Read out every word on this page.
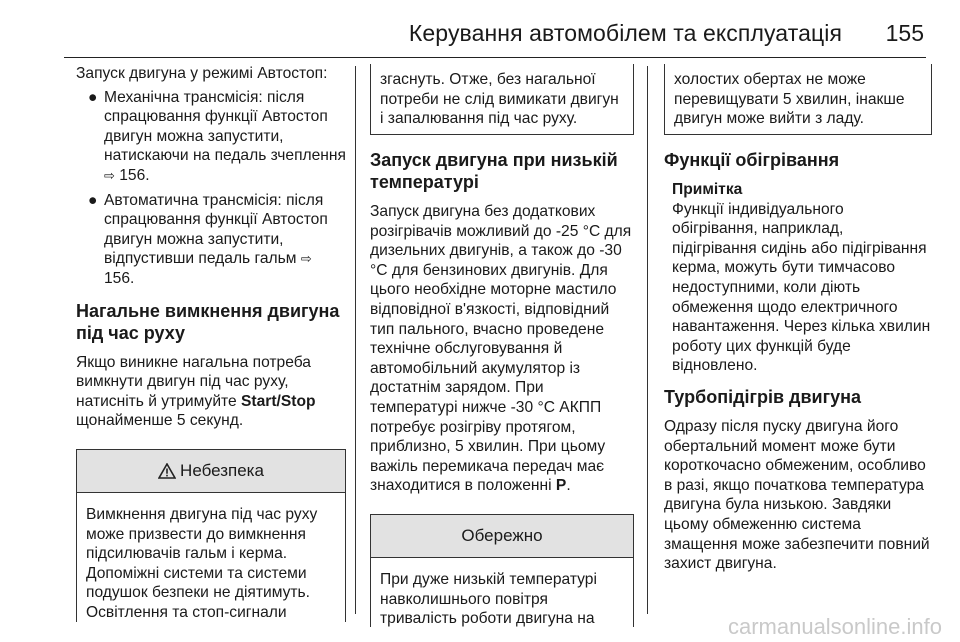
Керування автомобілем та експлуатація 155

Запуск двигуна у режимі Автостоп:

● Механічна трансмісія: після спрацювання функції Автостоп двигун можна запустити, натискаючи на педаль зчеплення ⇨ 156.
● Автоматична трансмісія: після спрацювання функції Автостоп двигун можна запустити, відпустивши педаль гальм ⇨ 156.
Нагальне вимкнення двигуна під час руху

Якщо виникне нагальна потреба вимкнути двигун під час руху, натисніть й утримуйте Start/Stop щонайменше 5 секунд.

Небезпека
Вимкнення двигуна під час руху може призвести до вимкнення підсилювачів гальм і керма. Допоміжні системи та системи подушок безпеки не діятимуть. Освітлення та стоп-сигнали
згаснуть. Отже, без нагальної потреби не слід вимикати двигун і запалювання під час руху.
Запуск двигуна при низькій температурі

Запуск двигуна без додаткових розігрівачів можливий до -25 °C для дизельних двигунів, а також до -30 °C для бензинових двигунів. Для цього необхідне моторне мастило відповідної в'язкості, відповідний тип пального, вчасно проведене технічне обслуговування й автомобільний акумулятор із достатнім зарядом. При температурі нижче -30 °C АКПП потребує розігріву протягом, приблизно, 5 хвилин. При цьому важіль перемикача передач має знаходитися в положенні P.

Обережно
При дуже низькій температурі навколишнього повітря тривалість роботи двигуна на
холостих обертах не може перевищувати 5 хвилин, інакше двигун може вийти з ладу.
Функції обігрівання
Примітка
Функції індивідуального обігрівання, наприклад, підігрівання сидінь або підігрівання керма, можуть бути тимчасово недоступними, коли діють обмеження щодо електричного навантаження. Через кілька хвилин роботу цих функцій буде відновлено.
Турбопідігрів двигуна

Одразу після пуску двигуна його обертальний момент може бути короткочасно обмеженим, особливо в разі, якщо початкова температура двигуна була низькою. Завдяки цьому обмеженню система змащення може забезпечити повний захист двигуна.

carmanualsonline.info
